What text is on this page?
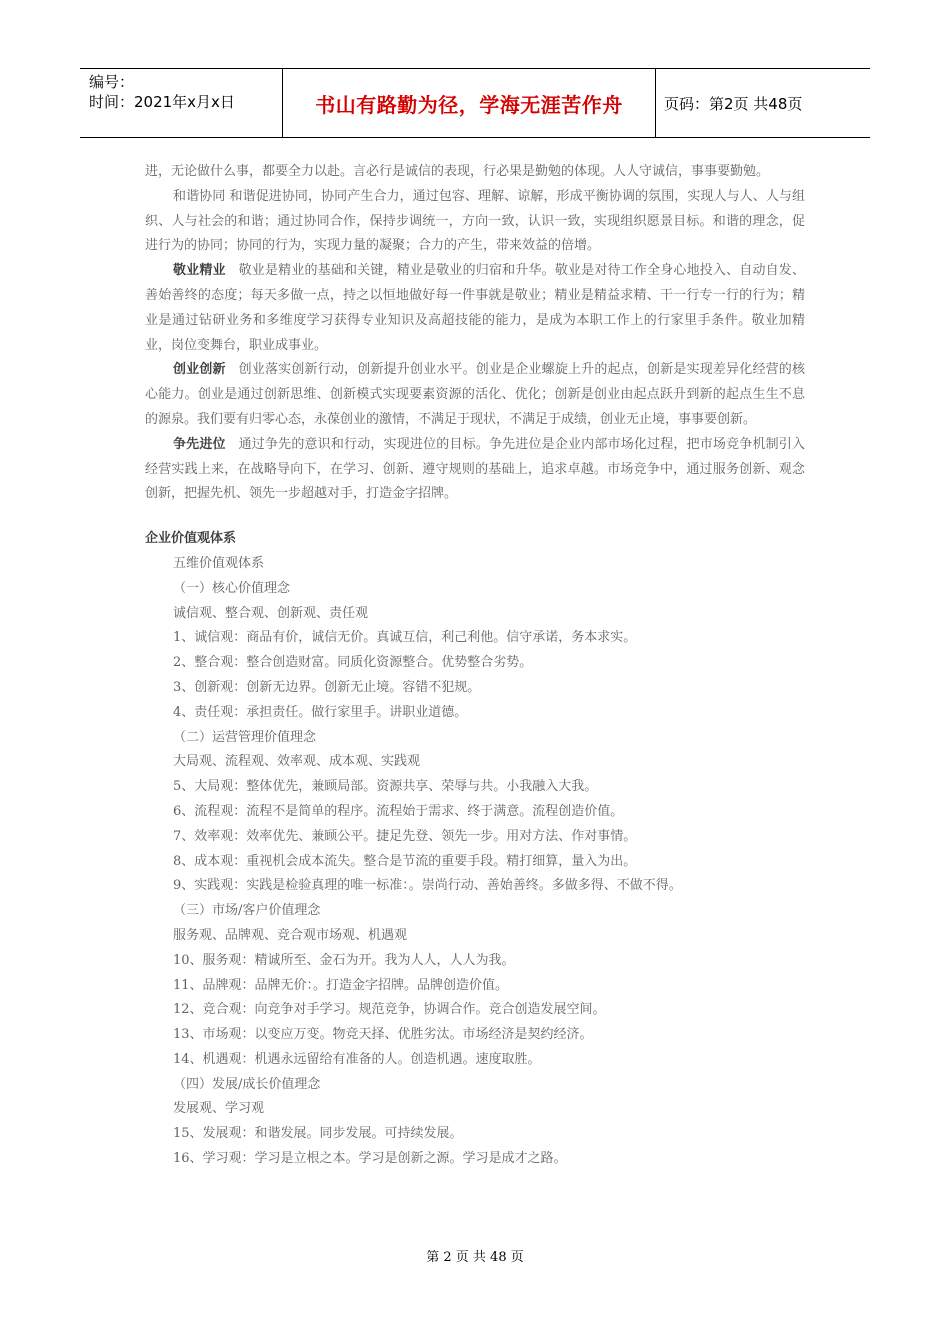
编号：
时间：2021年x月x日	书山有路勤为径，学海无涯苦作舟	页码：第2页 共48页

进，无论做什么事，都要全力以赴。言必行是诚信的表现，行必果是勤勉的体现。人人守诚信，事事要勤勉。

和谐协同 和谐促进协同，协同产生合力，通过包容、理解、谅解，形成平衡协调的氛围，实现人与人、人与组织、人与社会的和谐；通过协同合作，保持步调统一，方向一致，认识一致，实现组织愿景目标。和谐的理念，促进行为的协同；协同的行为，实现力量的凝聚；合力的产生，带来效益的倍增。

敬业精业 敬业是精业的基础和关键，精业是敬业的归宿和升华。敬业是对待工作全身心地投入、自动自发、善始善终的态度；每天多做一点，持之以恒地做好每一件事就是敬业；精业是精益求精、干一行专一行的行为；精业是通过钻研业务和多维度学习获得专业知识及高超技能的能力，是成为本职工作上的行家里手条件。敬业加精业，岗位变舞台，职业成事业。

创业创新 创业落实创新行动，创新提升创业水平。创业是企业螺旋上升的起点，创新是实现差异化经营的核心能力。创业是通过创新思维、创新模式实现要素资源的活化、优化；创新是创业由起点跃升到新的起点生生不息的源泉。我们要有归零心态，永葆创业的激情，不满足于现状，不满足于成绩，创业无止境，事事要创新。

争先进位 通过争先的意识和行动，实现进位的目标。争先进位是企业内部市场化过程，把市场竞争机制引入经营实践上来，在战略导向下，在学习、创新、遵守规则的基础上，追求卓越。市场竞争中，通过服务创新、观念创新，把握先机、领先一步超越对手，打造金字招牌。

企业价值观体系

五维价值观体系

（一）核心价值理念

诚信观、整合观、创新观、责任观

1、诚信观：商品有价，诚信无价。真诚互信，利己利他。信守承诺，务本求实。

2、整合观：整合创造财富。同质化资源整合。优势整合劣势。

3、创新观：创新无边界。创新无止境。容错不犯规。

4、责任观：承担责任。做行家里手。讲职业道德。

（二）运营管理价值理念

大局观、流程观、效率观、成本观、实践观

5、大局观：整体优先，兼顾局部。资源共享、荣辱与共。小我融入大我。

6、流程观：流程不是简单的程序。流程始于需求、终于满意。流程创造价值。

7、效率观：效率优先、兼顾公平。捷足先登、领先一步。用对方法、作对事情。

8、成本观：重视机会成本流失。整合是节流的重要手段。精打细算，量入为出。

9、实践观：实践是检验真理的唯一标准：。崇尚行动、善始善终。多做多得、不做不得。

（三）市场/客户价值理念

服务观、品牌观、竞合观市场观、机遇观

10、服务观：精诚所至、金石为开。我为人人，人人为我。

11、品牌观：品牌无价：。打造金字招牌。品牌创造价值。

12、竞合观：向竞争对手学习。规范竞争，协调合作。竞合创造发展空间。

13、市场观：以变应万变。物竞天择、优胜劣汰。市场经济是契约经济。

14、机遇观：机遇永远留给有准备的人。创造机遇。速度取胜。

（四）发展/成长价值理念

发展观、学习观

15、发展观：和谐发展。同步发展。可持续发展。

16、学习观：学习是立根之本。学习是创新之源。学习是成才之路。

第 2 页 共 48 页
